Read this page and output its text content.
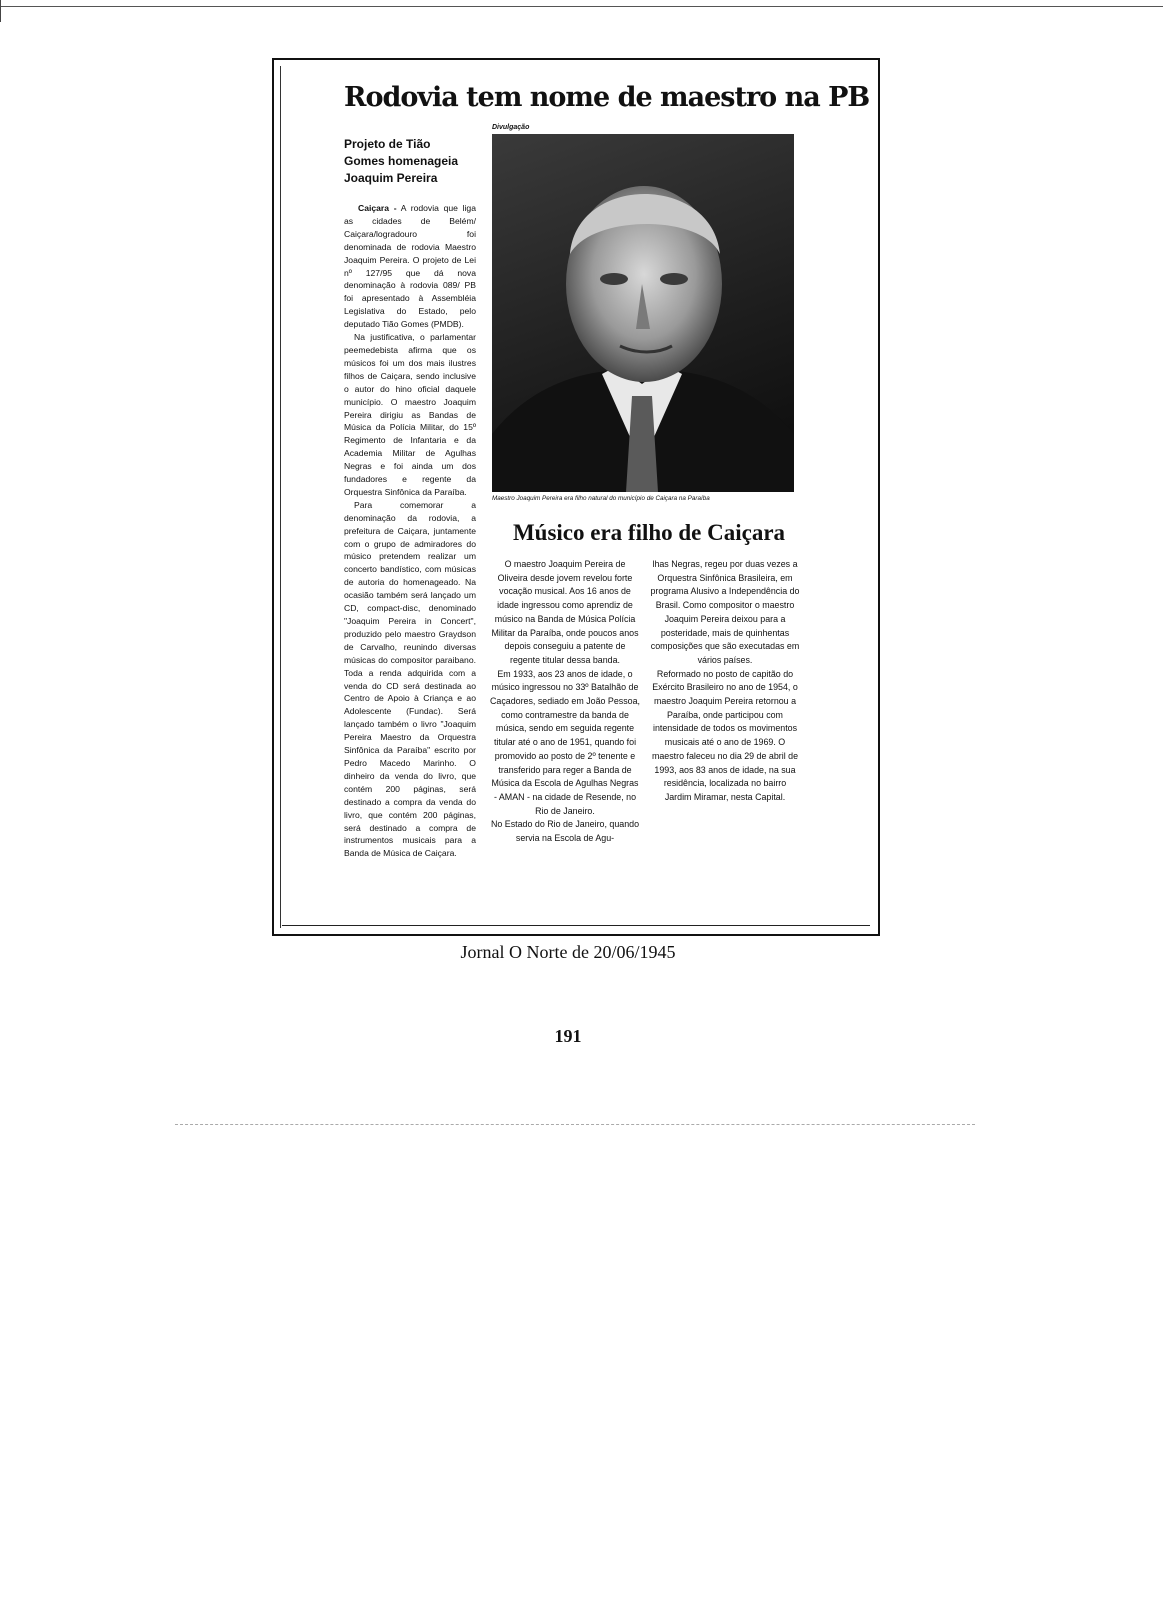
Rodovia tem nome de maestro na PB
Projeto de Tião Gomes homenageia Joaquim Pereira

Caiçara - A rodovia que liga as cidades de Belém/ Caiçara/logradouro foi denominada de rodovia Maestro Joaquim Pereira. O projeto de Lei nº 127/95 que dá nova denominação à rodovia 089/ PB foi apresentado à Assembléia Legislativa do Estado, pelo deputado Tião Gomes (PMDB).

Na justificativa, o parlamentar peemedebista afirma que os músicos foi um dos mais ilustres filhos de Caiçara, sendo inclusive o autor do hino oficial daquele município. O maestro Joaquim Pereira dirigiu as Bandas de Música da Polícia Militar, do 15º Regimento de Infantaria e da Academia Militar de Agulhas Negras e foi ainda um dos fundadores e regente da Orquestra Sinfônica da Paraíba.

Para comemorar a denominação da rodovia, a prefeitura de Caiçara, juntamente com o grupo de admiradores do músico pretendem realizar um concerto bandístico, com músicas de autoria do homenageado. Na ocasião também será lançado um CD, compact-disc, denominado "Joaquim Pereira in Concert", produzido pelo maestro Graydson de Carvalho, reunindo diversas músicas do compositor paraibano. Toda a renda adquirida com a venda do CD será destinada ao Centro de Apoio à Criança e ao Adolescente (Fundac). Será lançado também o livro "Joaquim Pereira Maestro da Orquestra Sinfônica da Paraíba" escrito por Pedro Macedo Marinho. O dinheiro da venda do livro, que contém 200 páginas, será destinado a compra da venda do livro, que contém 200 páginas, será destinado a compra de instrumentos musicais para a Banda de Música de Caiçara.

Divulgação
Maestro Joaquim Pereira era filho natural do município de Caiçara na Paraíba
Músico era filho de Caiçara

O maestro Joaquim Pereira de Oliveira desde jovem revelou forte vocação musical. Aos 16 anos de idade ingressou como aprendiz de músico na Banda de Música Polícia Militar da Paraíba, onde poucos anos depois conseguiu a patente de regente titular dessa banda.

Em 1933, aos 23 anos de idade, o músico ingressou no 33º Batalhão de Caçadores, sediado em João Pessoa, como contramestre da banda de música, sendo em seguida regente titular até o ano de 1951, quando foi promovido ao posto de 2º tenente e transferido para reger a Banda de Música da Escola de Agulhas Negras - AMAN - na cidade de Resende, no Rio de Janeiro.

No Estado do Rio de Janeiro, quando servia na Escola de Agu-

lhas Negras, regeu por duas vezes a Orquestra Sinfônica Brasileira, em programa Alusivo a Independência do Brasil. Como compositor o maestro Joaquim Pereira deixou para a posteridade, mais de quinhentas composições que são executadas em vários países.

Reformado no posto de capitão do Exército Brasileiro no ano de 1954, o maestro Joaquim Pereira retornou a Paraíba, onde participou com intensidade de todos os movimentos musicais até o ano de 1969. O maestro faleceu no dia 29 de abril de 1993, aos 83 anos de idade, na sua residência, localizada no bairro Jardim Miramar, nesta Capital.

Jornal O Norte de 20/06/1945
191
